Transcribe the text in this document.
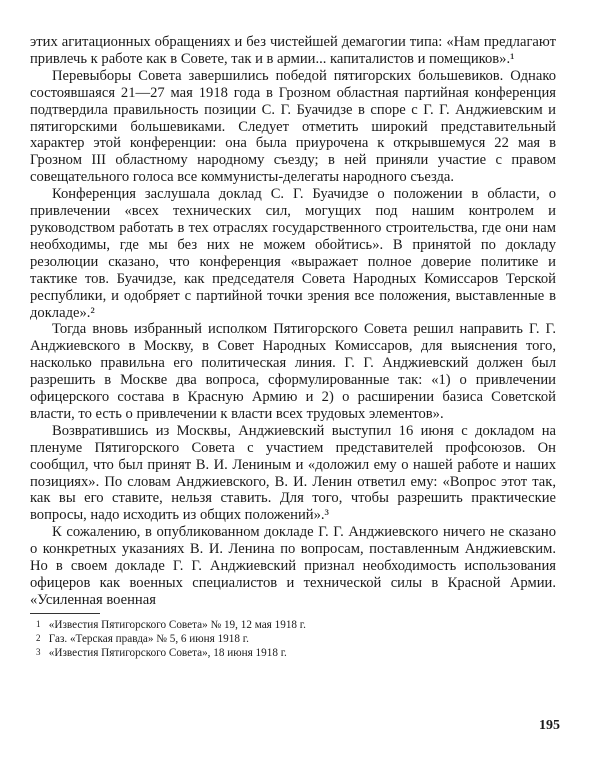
этих агитационных обращениях и без чистейшей демагогии типа: «Нам предлагают привлечь к работе как в Совете, так и в армии... капиталистов и помещиков».¹

Перевыборы Совета завершились победой пятигорских большевиков. Однако состоявшаяся 21—27 мая 1918 года в Грозном областная партийная конференция подтвердила правильность позиции С. Г. Буачидзе в споре с Г. Г. Анджиевским и пятигорскими большевиками. Следует отметить широкий представительный характер этой конференции: она была приурочена к открывшемуся 22 мая в Грозном III областному народному съезду; в ней приняли участие с правом совещательного голоса все коммунисты-делегаты народного съезда.

Конференция заслушала доклад С. Г. Буачидзе о положении в области, о привлечении «всех технических сил, могущих под нашим контролем и руководством работать в тех отраслях государственного строительства, где они нам необходимы, где мы без них не можем обойтись». В принятой по докладу резолюции сказано, что конференция «выражает полное доверие политике и тактике тов. Буачидзе, как председателя Совета Народных Комиссаров Терской республики, и одобряет с партийной точки зрения все положения, выставленные в докладе».²

Тогда вновь избранный исполком Пятигорского Совета решил направить Г. Г. Анджиевского в Москву, в Совет Народных Комиссаров, для выяснения того, насколько правильна его политическая линия. Г. Г. Анджиевский должен был разрешить в Москве два вопроса, сформулированные так: «1) о привлечении офицерского состава в Красную Армию и 2) о расширении базиса Советской власти, то есть о привлечении к власти всех трудовых элементов».

Возвратившись из Москвы, Анджиевский выступил 16 июня с докладом на пленуме Пятигорского Совета с участием представителей профсоюзов. Он сообщил, что был принят В. И. Лениным и «доложил ему о нашей работе и наших позициях». По словам Анджиевского, В. И. Ленин ответил ему: «Вопрос этот так, как вы его ставите, нельзя ставить. Для того, чтобы разрешить практические вопросы, надо исходить из общих положений».³

К сожалению, в опубликованном докладе Г. Г. Анджиевского ничего не сказано о конкретных указаниях В. И. Ленина по вопросам, поставленным Анджиевским. Но в своем докладе Г. Г. Анджиевский признал необходимость использования офицеров как военных специалистов и технической силы в Красной Армии. «Усиленная военная

1 «Известия Пятигорского Совета» № 19, 12 мая 1918 г.
2 Газ. «Терская правда» № 5, 6 июня 1918 г.
3 «Известия Пятигорского Совета», 18 июня 1918 г.
195
